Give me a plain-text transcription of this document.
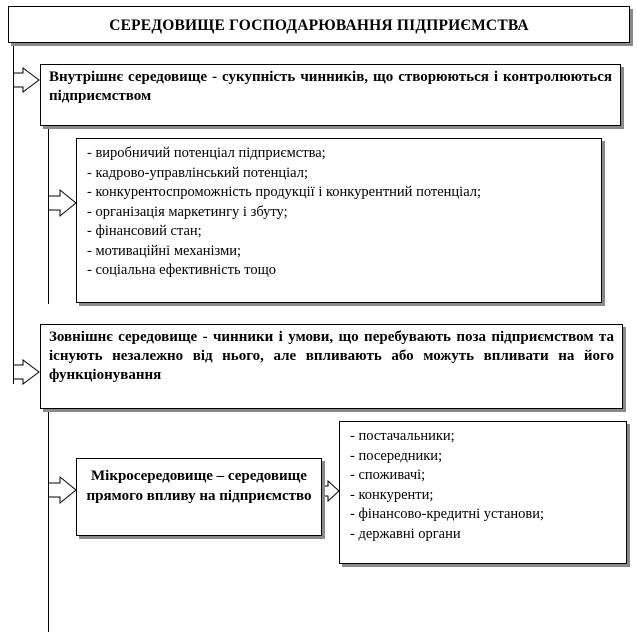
СЕРЕДОВИЩЕ ГОСПОДАРЮВАННЯ ПІДПРИЄМСТВА
Внутрішнє середовище - сукупність чинників, що створюються і контролюються підприємством
- виробничий потенціал підприємства;
- кадрово-управлінський потенціал;
- конкурентоспроможність продукції і конкурентний потенціал;
- організація маркетингу і збуту;
- фінансовий стан;
- мотиваційні механізми;
- соціальна ефективність тощо
Зовнішнє середовище - чинники і умови, що перебувають поза підприємством та існують незалежно від нього, але впливають або можуть впливати на його функціонування
Мікросередовище – середовище прямого впливу на підприємство
- постачальники;
- посередники;
- споживачі;
- конкуренти;
- фінансово-кредитні установи;
- державні органи
